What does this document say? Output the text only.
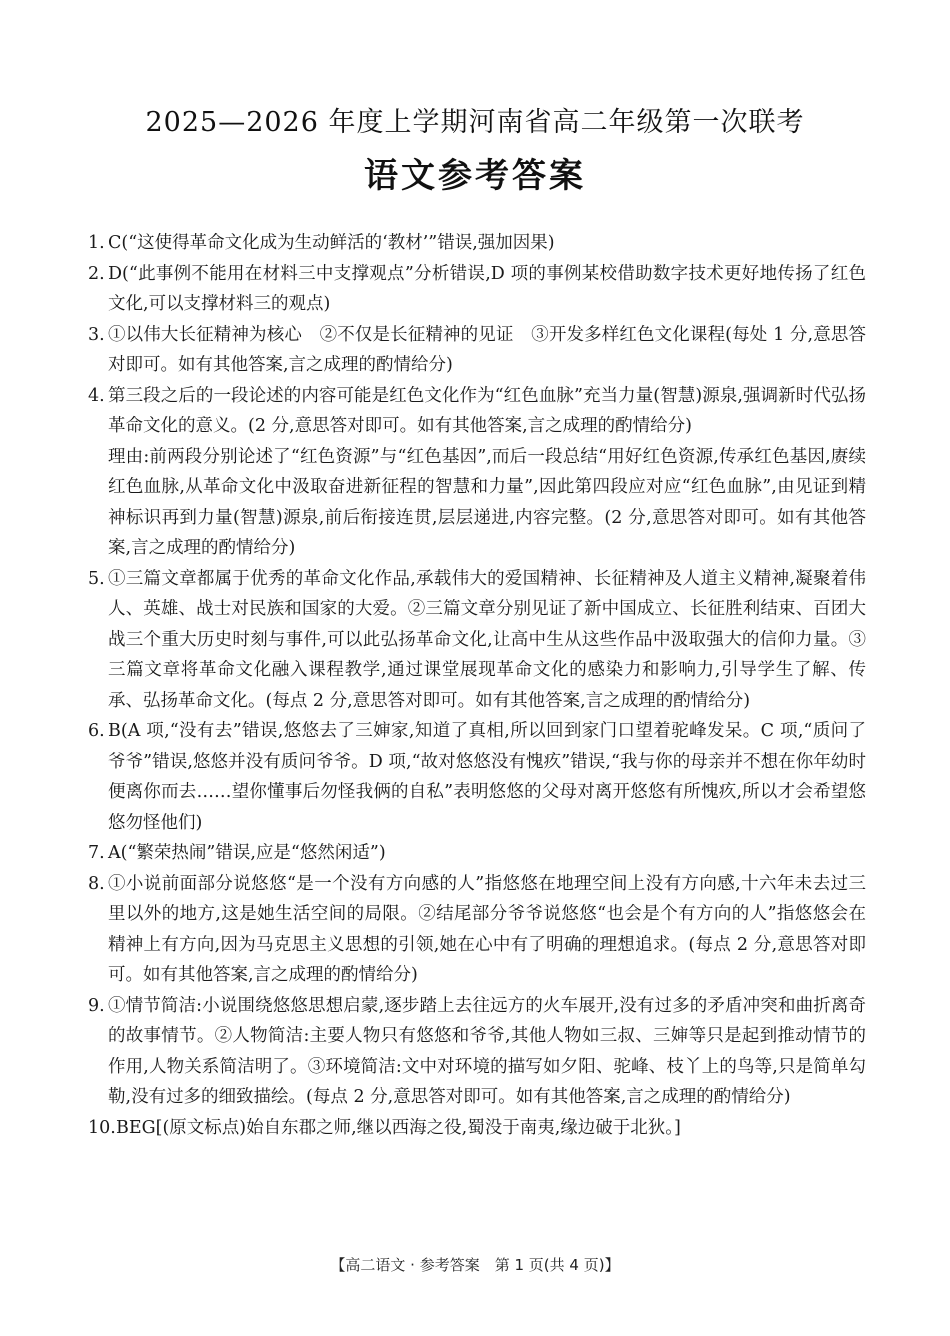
2025—2026 年度上学期河南省高二年级第一次联考
语文参考答案
1. C(“这使得革命文化成为生动鲜活的‘教材’”错误,强加因果)

2. D(“此事例不能用在材料三中支撑观点”分析错误,D 项的事例某校借助数字技术更好地传扬了红色文化,可以支撑材料三的观点)

3. ①以伟大长征精神为核心　②不仅是长征精神的见证　③开发多样红色文化课程(每处 1 分,意思答对即可。如有其他答案,言之成理的酌情给分)

4. 第三段之后的一段论述的内容可能是红色文化作为“红色血脉”充当力量(智慧)源泉,强调新时代弘扬革命文化的意义。(2 分,意思答对即可。如有其他答案,言之成理的酌情给分)

理由:前两段分别论述了“红色资源”与“红色基因”,而后一段总结“用好红色资源,传承红色基因,赓续红色血脉,从革命文化中汲取奋进新征程的智慧和力量”,因此第四段应对应“红色血脉”,由见证到精神标识再到力量(智慧)源泉,前后衔接连贯,层层递进,内容完整。(2 分,意思答对即可。如有其他答案,言之成理的酌情给分)

5. ①三篇文章都属于优秀的革命文化作品,承载伟大的爱国精神、长征精神及人道主义精神,凝聚着伟人、英雄、战士对民族和国家的大爱。②三篇文章分别见证了新中国成立、长征胜利结束、百团大战三个重大历史时刻与事件,可以此弘扬革命文化,让高中生从这些作品中汲取强大的信仰力量。③三篇文章将革命文化融入课程教学,通过课堂展现革命文化的感染力和影响力,引导学生了解、传承、弘扬革命文化。(每点 2 分,意思答对即可。如有其他答案,言之成理的酌情给分)

6. B(A 项,“没有去”错误,悠悠去了三婶家,知道了真相,所以回到家门口望着驼峰发呆。C 项,“质问了爷爷”错误,悠悠并没有质问爷爷。D 项,“故对悠悠没有愧疚”错误,“我与你的母亲并不想在你年幼时便离你而去……望你懂事后勿怪我俩的自私”表明悠悠的父母对离开悠悠有所愧疚,所以才会希望悠悠勿怪他们)

7. A(“繁荣热闹”错误,应是“悠然闲适”)

8. ①小说前面部分说悠悠“是一个没有方向感的人”指悠悠在地理空间上没有方向感,十六年未去过三里以外的地方,这是她生活空间的局限。②结尾部分爷爷说悠悠“也会是个有方向的人”指悠悠会在精神上有方向,因为马克思主义思想的引领,她在心中有了明确的理想追求。(每点 2 分,意思答对即可。如有其他答案,言之成理的酌情给分)

9. ①情节简洁:小说围绕悠悠思想启蒙,逐步踏上去往远方的火车展开,没有过多的矛盾冲突和曲折离奇的故事情节。②人物简洁:主要人物只有悠悠和爷爷,其他人物如三叔、三婶等只是起到推动情节的作用,人物关系简洁明了。③环境简洁:文中对环境的描写如夕阳、驼峰、枝丫上的鸟等,只是简单勾勒,没有过多的细致描绘。(每点 2 分,意思答对即可。如有其他答案,言之成理的酌情给分)

10. BEG[(原文标点)始自东郡之师,继以西海之役,蜀没于南夷,缘边破于北狄。]

【高二语文 · 参考答案　第 1 页(共 4 页)】
